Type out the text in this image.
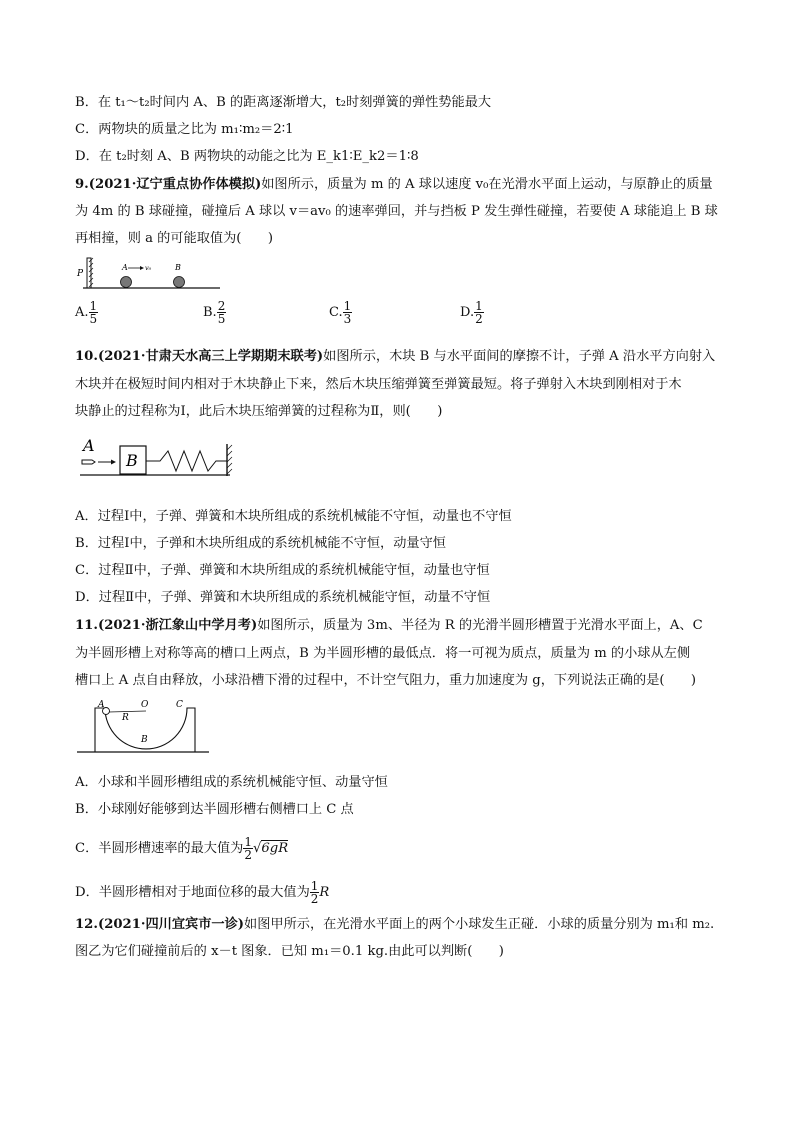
B．在 t₁～t₂时间内 A、B 的距离逐渐增大，t₂时刻弹簧的弹性势能最大
C．两物块的质量之比为 m₁∶m₂＝2∶1
D．在 t₂时刻 A、B 两物块的动能之比为 E_k1∶E_k2＝1∶8
9.(2021·辽宁重点协作体模拟)如图所示，质量为 m 的 A 球以速度 v₀在光滑水平面上运动，与原静止的质量
为 4m 的 B 球碰撞，碰撞后 A 球以 v＝av₀ 的速率弹回，并与挡板 P 发生弹性碰撞，若要使 A 球能追上 B 球
再相撞，则 a 的可能取值为(　　)
P
A	v₀	B
A. $\frac{1}{5}$	B. $\frac{2}{5}$	C. $\frac{1}{3}$	D. $\frac{1}{2}$
10.(2021·甘肃天水高三上学期期末联考)如图所示，木块 B 与水平面间的摩擦不计，子弹 A 沿水平方向射入
木块并在极短时间内相对于木块静止下来，然后木块压缩弹簧至弹簧最短。将子弹射入木块到刚相对于木
块静止的过程称为Ⅰ，此后木块压缩弹簧的过程称为Ⅱ，则(　　)
A
B
A．过程Ⅰ中，子弹、弹簧和木块所组成的系统机械能不守恒，动量也不守恒
B．过程Ⅰ中，子弹和木块所组成的系统机械能不守恒，动量守恒
C．过程Ⅱ中，子弹、弹簧和木块所组成的系统机械能守恒，动量也守恒
D．过程Ⅱ中，子弹、弹簧和木块所组成的系统机械能守恒，动量不守恒
11.(2021·浙江象山中学月考)如图所示，质量为 3m、半径为 R 的光滑半圆形槽置于光滑水平面上，A、C
为半圆形槽上对称等高的槽口上两点，B 为半圆形槽的最低点．将一可视为质点，质量为 m 的小球从左侧
槽口上 A 点自由释放，小球沿槽下滑的过程中，不计空气阻力，重力加速度为 g，下列说法正确的是(　　)
A	O
R
C
B
A．小球和半圆形槽组成的系统机械能守恒、动量守恒
B．小球刚好能够到达半圆形槽右侧槽口上 C 点
C．半圆形槽速率的最大值为 $\frac{1}{2} √6gR$
D．半圆形槽相对于地面位移的最大值为 $\frac{1}{2}$ R
12.(2021·四川宜宾市一诊)如图甲所示，在光滑水平面上的两个小球发生正碰．小球的质量分别为 m₁和 m₂.
图乙为它们碰撞前后的 x－t 图象．已知 m₁＝0.1 kg.由此可以判断(　　)
